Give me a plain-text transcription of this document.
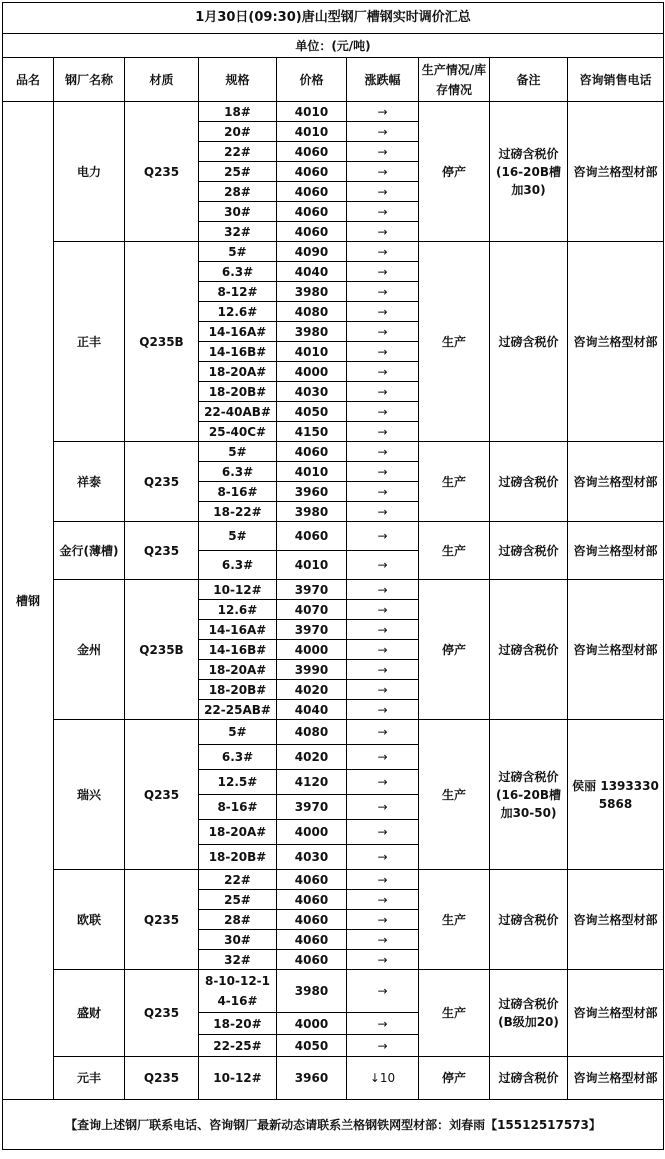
1月30日(09:30)唐山型钢厂槽钢实时调价汇总								
单位：(元/吨)								
品名	钢厂名称	材质	规格	价格	涨跌幅	生产情况/库存情况	备注	咨询销售电话
槽钢	电力	Q235	18#	4010	→	停产	过磅含税价(16-20B槽加30)	咨询兰格型材部
			20#	4010	→			
			22#	4060	→			
			25#	4060	→			
			28#	4060	→			
			30#	4060	→			
			32#	4060	→			
	正丰	Q235B	5#	4090	→	生产	过磅含税价	咨询兰格型材部
			6.3#	4040	→			
			8-12#	3980	→			
			12.6#	4080	→			
			14-16A#	3980	→			
			14-16B#	4010	→			
			18-20A#	4000	→			
			18-20B#	4030	→			
			22-40AB#	4050	→			
			25-40C#	4150	→			
	祥泰	Q235	5#	4060	→	生产	过磅含税价	咨询兰格型材部
			6.3#	4010	→			
			8-16#	3960	→			
			18-22#	3980	→			
	金行(薄槽)	Q235	5#	4060	→	生产	过磅含税价	咨询兰格型材部
			6.3#	4010	→			
	金州	Q235B	10-12#	3970	→	停产	过磅含税价	咨询兰格型材部
			12.6#	4070	→			
			14-16A#	3970	→			
			14-16B#	4000	→			
			18-20A#	3990	→			
			18-20B#	4020	→			
			22-25AB#	4040	→			
	瑞兴	Q235	5#	4080	→	生产	过磅含税价(16-20B槽加30-50)	侯丽 13933305868
			6.3#	4020	→			
			12.5#	4120	→			
			8-16#	3970	→			
			18-20A#	4000	→			
			18-20B#	4030	→			
	欧联	Q235	22#	4060	→	生产	过磅含税价	咨询兰格型材部
			25#	4060	→			
			28#	4060	→			
			30#	4060	→			
			32#	4060	→			
	盛财	Q235	8-10-12-14-16#	3980	→	生产	过磅含税价(B级加20)	咨询兰格型材部
			18-20#	4000	→			
			22-25#	4050	→			
	元丰	Q235	10-12#	3960	↓10	停产	过磅含税价	咨询兰格型材部
【查询上述钢厂联系电话、咨询钢厂最新动态请联系兰格钢铁网型材部：刘春雨【15512517573】								
